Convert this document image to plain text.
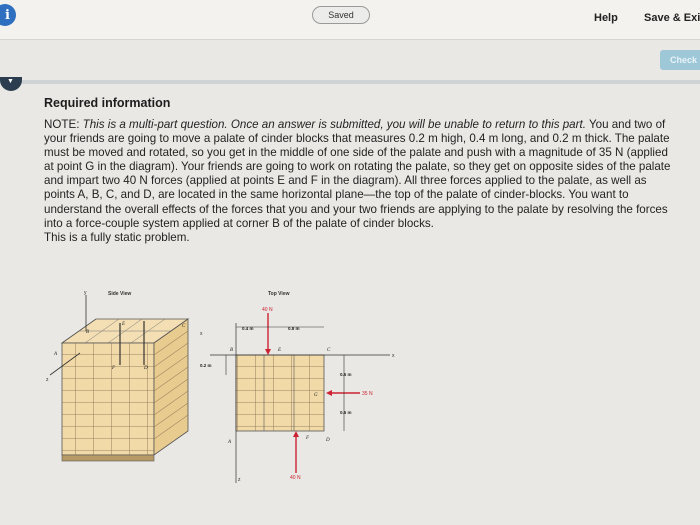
i	Saved	Help Save & Exi
Check
▼
Required information
NOTE: This is a multi-part question. Once an answer is submitted, you will be unable to return to this part. You and two of your friends are going to move a palate of cinder blocks that measures 0.2 m high, 0.4 m long, and 0.2 m thick. The palate must be moved and rotated, so you get in the middle of one side of the palate and push with a magnitude of 35 N (applied at point G in the diagram). Your friends are going to work on rotating the palate, so they get on opposite sides of the palate and impart two 40 N forces (applied at points E and F in the diagram). All three forces applied to the palate, as well as points A, B, C, and D, are located in the same horizontal plane—the top of the palate of cinder-blocks. You want to understand the overall effects of the forces that you and your two friends are applying to the palate by resolving the forces into a force-couple system applied at corner B of the palate of cinder blocks.
This is a fully static problem.
Side View
y
z
A
B
C
D
E
F
x
Top View
40 N
40 N
35 N
0.4 m	0.8 m
0.2 m
0.5 m
0.5 m
A
B	C
D
E
F
G
x
z
